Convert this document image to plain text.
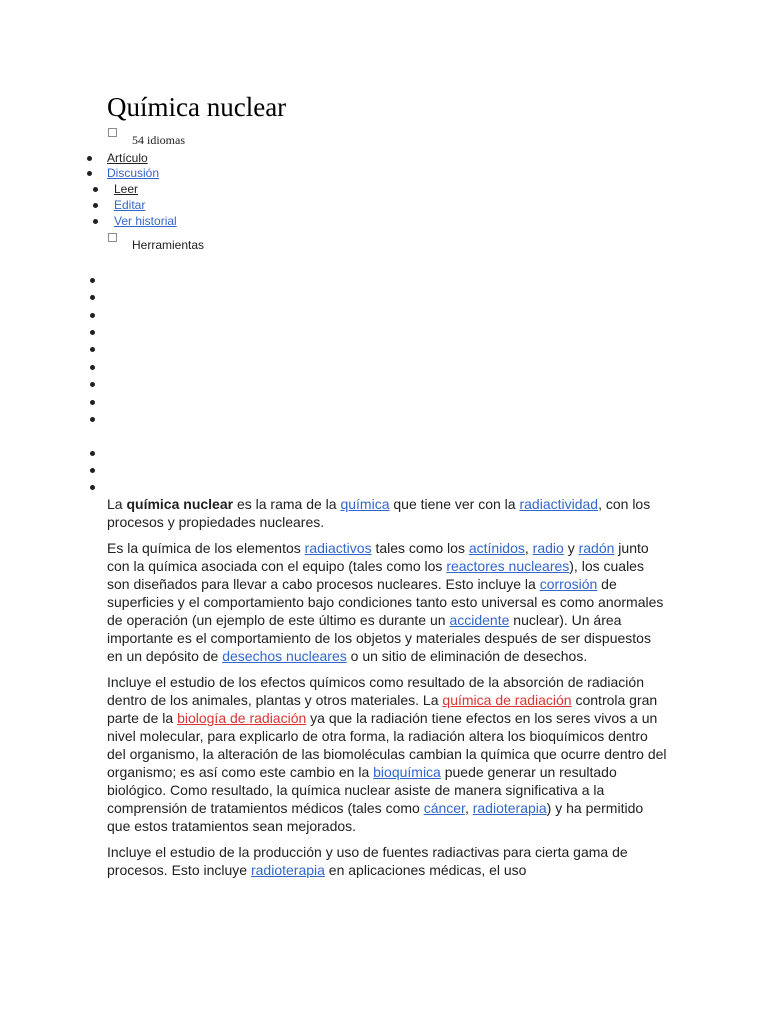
Química nuclear
54 idiomas
Artículo
Discusión
Leer
Editar
Ver historial
Herramientas

La química nuclear es la rama de la química que tiene ver con la radiactividad, con los procesos y propiedades nucleares.

Es la química de los elementos radiactivos tales como los actínidos, radio y radón junto con la química asociada con el equipo (tales como los reactores nucleares), los cuales son diseñados para llevar a cabo procesos nucleares. Esto incluye la corrosión de superficies y el comportamiento bajo condiciones tanto esto universal es como anormales de operación (un ejemplo de este último es durante un accidente nuclear). Un área importante es el comportamiento de los objetos y materiales después de ser dispuestos en un depósito de desechos nucleares o un sitio de eliminación de desechos.

Incluye el estudio de los efectos químicos como resultado de la absorción de radiación dentro de los animales, plantas y otros materiales. La química de radiación controla gran parte de la biología de radiación ya que la radiación tiene efectos en los seres vivos a un nivel molecular, para explicarlo de otra forma, la radiación altera los bioquímicos dentro del organismo, la alteración de las biomoléculas cambian la química que ocurre dentro del organismo; es así como este cambio en la bioquímica puede generar un resultado biológico. Como resultado, la química nuclear asiste de manera significativa a la comprensión de tratamientos médicos (tales como cáncer, radioterapia) y ha permitido que estos tratamientos sean mejorados.

Incluye el estudio de la producción y uso de fuentes radiactivas para cierta gama de procesos. Esto incluye radioterapia en aplicaciones médicas, el uso
